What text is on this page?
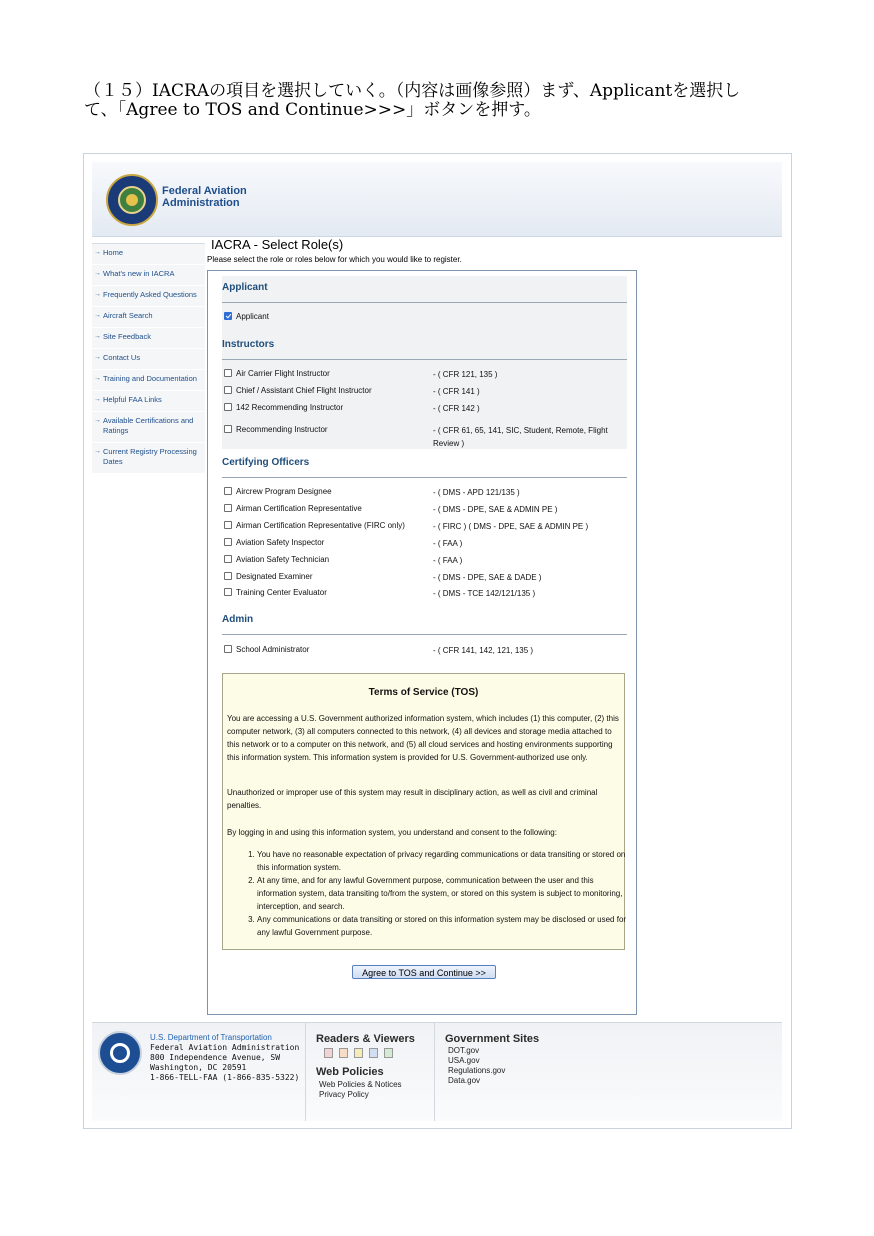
（１５）IACRAの項目を選択していく。（内容は画像参照）まず、Applicantを選択し
て、「Agree to TOS and Continue>>>」ボタンを押す。
Federal Aviation
Administration
→ Home
→ What's new in IACRA
→ Frequently Asked Questions
→ Aircraft Search
→ Site Feedback
→ Contact Us
→ Training and Documentation
→ Helpful FAA Links
→ Available Certifications and Ratings
→ Current Registry Processing Dates
IACRA - Select Role(s)
Please select the role or roles below for which you would like to register.
Applicant
Applicant
Instructors
Air Carrier Flight Instructor	- ( CFR 121, 135 )
Chief / Assistant Chief Flight Instructor	- ( CFR 141 )
142 Recommending Instructor	- ( CFR 142 )
Recommending Instructor	- ( CFR 61, 65, 141, SIC, Student, Remote, Flight Review )
Certifying Officers
Aircrew Program Designee	- ( DMS - APD 121/135 )
Airman Certification Representative	- ( DMS - DPE, SAE & ADMIN PE )
Airman Certification Representative (FIRC only)	- ( FIRC ) ( DMS - DPE, SAE & ADMIN PE )
Aviation Safety Inspector	- ( FAA )
Aviation Safety Technician	- ( FAA )
Designated Examiner	- ( DMS - DPE, SAE & DADE )
Training Center Evaluator	- ( DMS - TCE 142/121/135 )
Admin
School Administrator	- ( CFR 141, 142, 121, 135 )
Terms of Service (TOS)
You are accessing a U.S. Government authorized information system, which includes (1) this computer, (2) this computer network, (3) all computers connected to this network, (4) all devices and storage media attached to this network or to a computer on this network, and (5) all cloud services and hosting environments supporting this information system. This information system is provided for U.S. Government-authorized use only.
Unauthorized or improper use of this system may result in disciplinary action, as well as civil and criminal penalties.
By logging in and using this information system, you understand and consent to the following:
1. You have no reasonable expectation of privacy regarding communications or data transiting or stored on this information system.
2. At any time, and for any lawful Government purpose, communication between the user and this information system, data transiting to/from the system, or stored on this system is subject to monitoring, interception, and search.
3. Any communications or data transiting or stored on this information system may be disclosed or used for any lawful Government purpose.
Agree to TOS and Continue >>
U.S. Department of Transportation
Federal Aviation Administration
800 Independence Avenue, SW
Washington, DC 20591
1-866-TELL-FAA (1-866-835-5322)
Readers & Viewers
Web Policies
Web Policies & Notices
Privacy Policy
Government Sites
DOT.gov
USA.gov
Regulations.gov
Data.gov
